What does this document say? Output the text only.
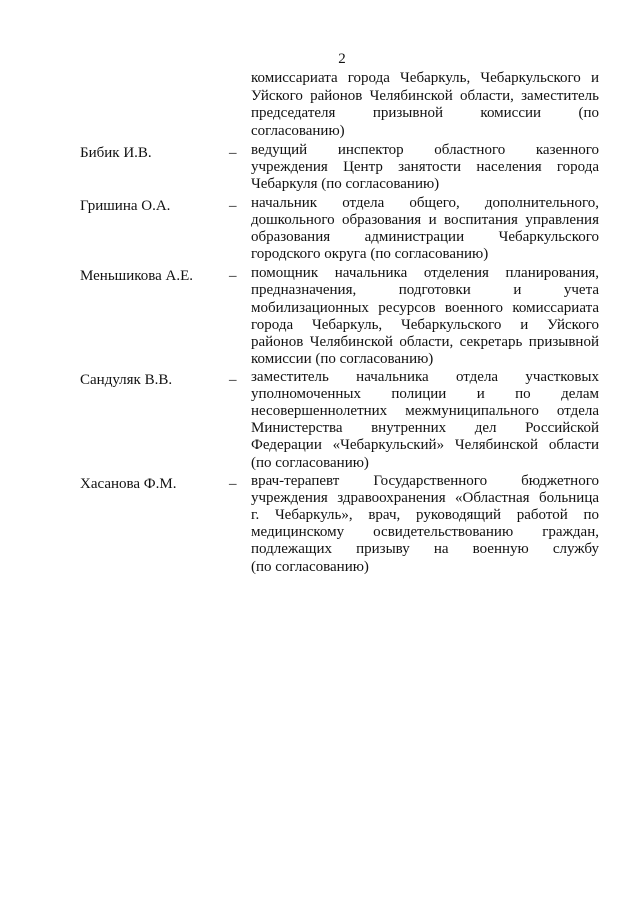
2
комиссариата города Чебаркуль, Чебаркульского и
Уйского районов Челябинской области, заместитель
председателя призывной комиссии (по
согласованию)
Бибик И.В.	– ведущий инспектор областного казенного
учреждения Центр занятости населения города
Чебаркуля (по согласованию)
Гришина О.А.	– начальник отдела общего, дополнительного,
дошкольного образования и воспитания управления
образования администрации Чебаркульского
городского округа (по согласованию)
Меньшикова А.Е. – помощник начальника отделения планирования,
предназначения, подготовки и учета
мобилизационных ресурсов военного комиссариата
города Чебаркуль, Чебаркульского и Уйского
районов Челябинской области, секретарь призывной
комиссии (по согласованию)
Сандуляк В.В.	– заместитель начальника отдела участковых
уполномоченных полиции и по делам
несовершеннолетних межмуниципального отдела
Министерства внутренних дел Российской
Федерации «Чебаркульский» Челябинской области
(по согласованию)
Хасанова Ф.М.	– врач-терапевт Государственного бюджетного
учреждения здравоохранения «Областная больница
г. Чебаркуль», врач, руководящий работой по
медицинскому освидетельствованию граждан,
подлежащих призыву на военную службу
(по согласованию)
